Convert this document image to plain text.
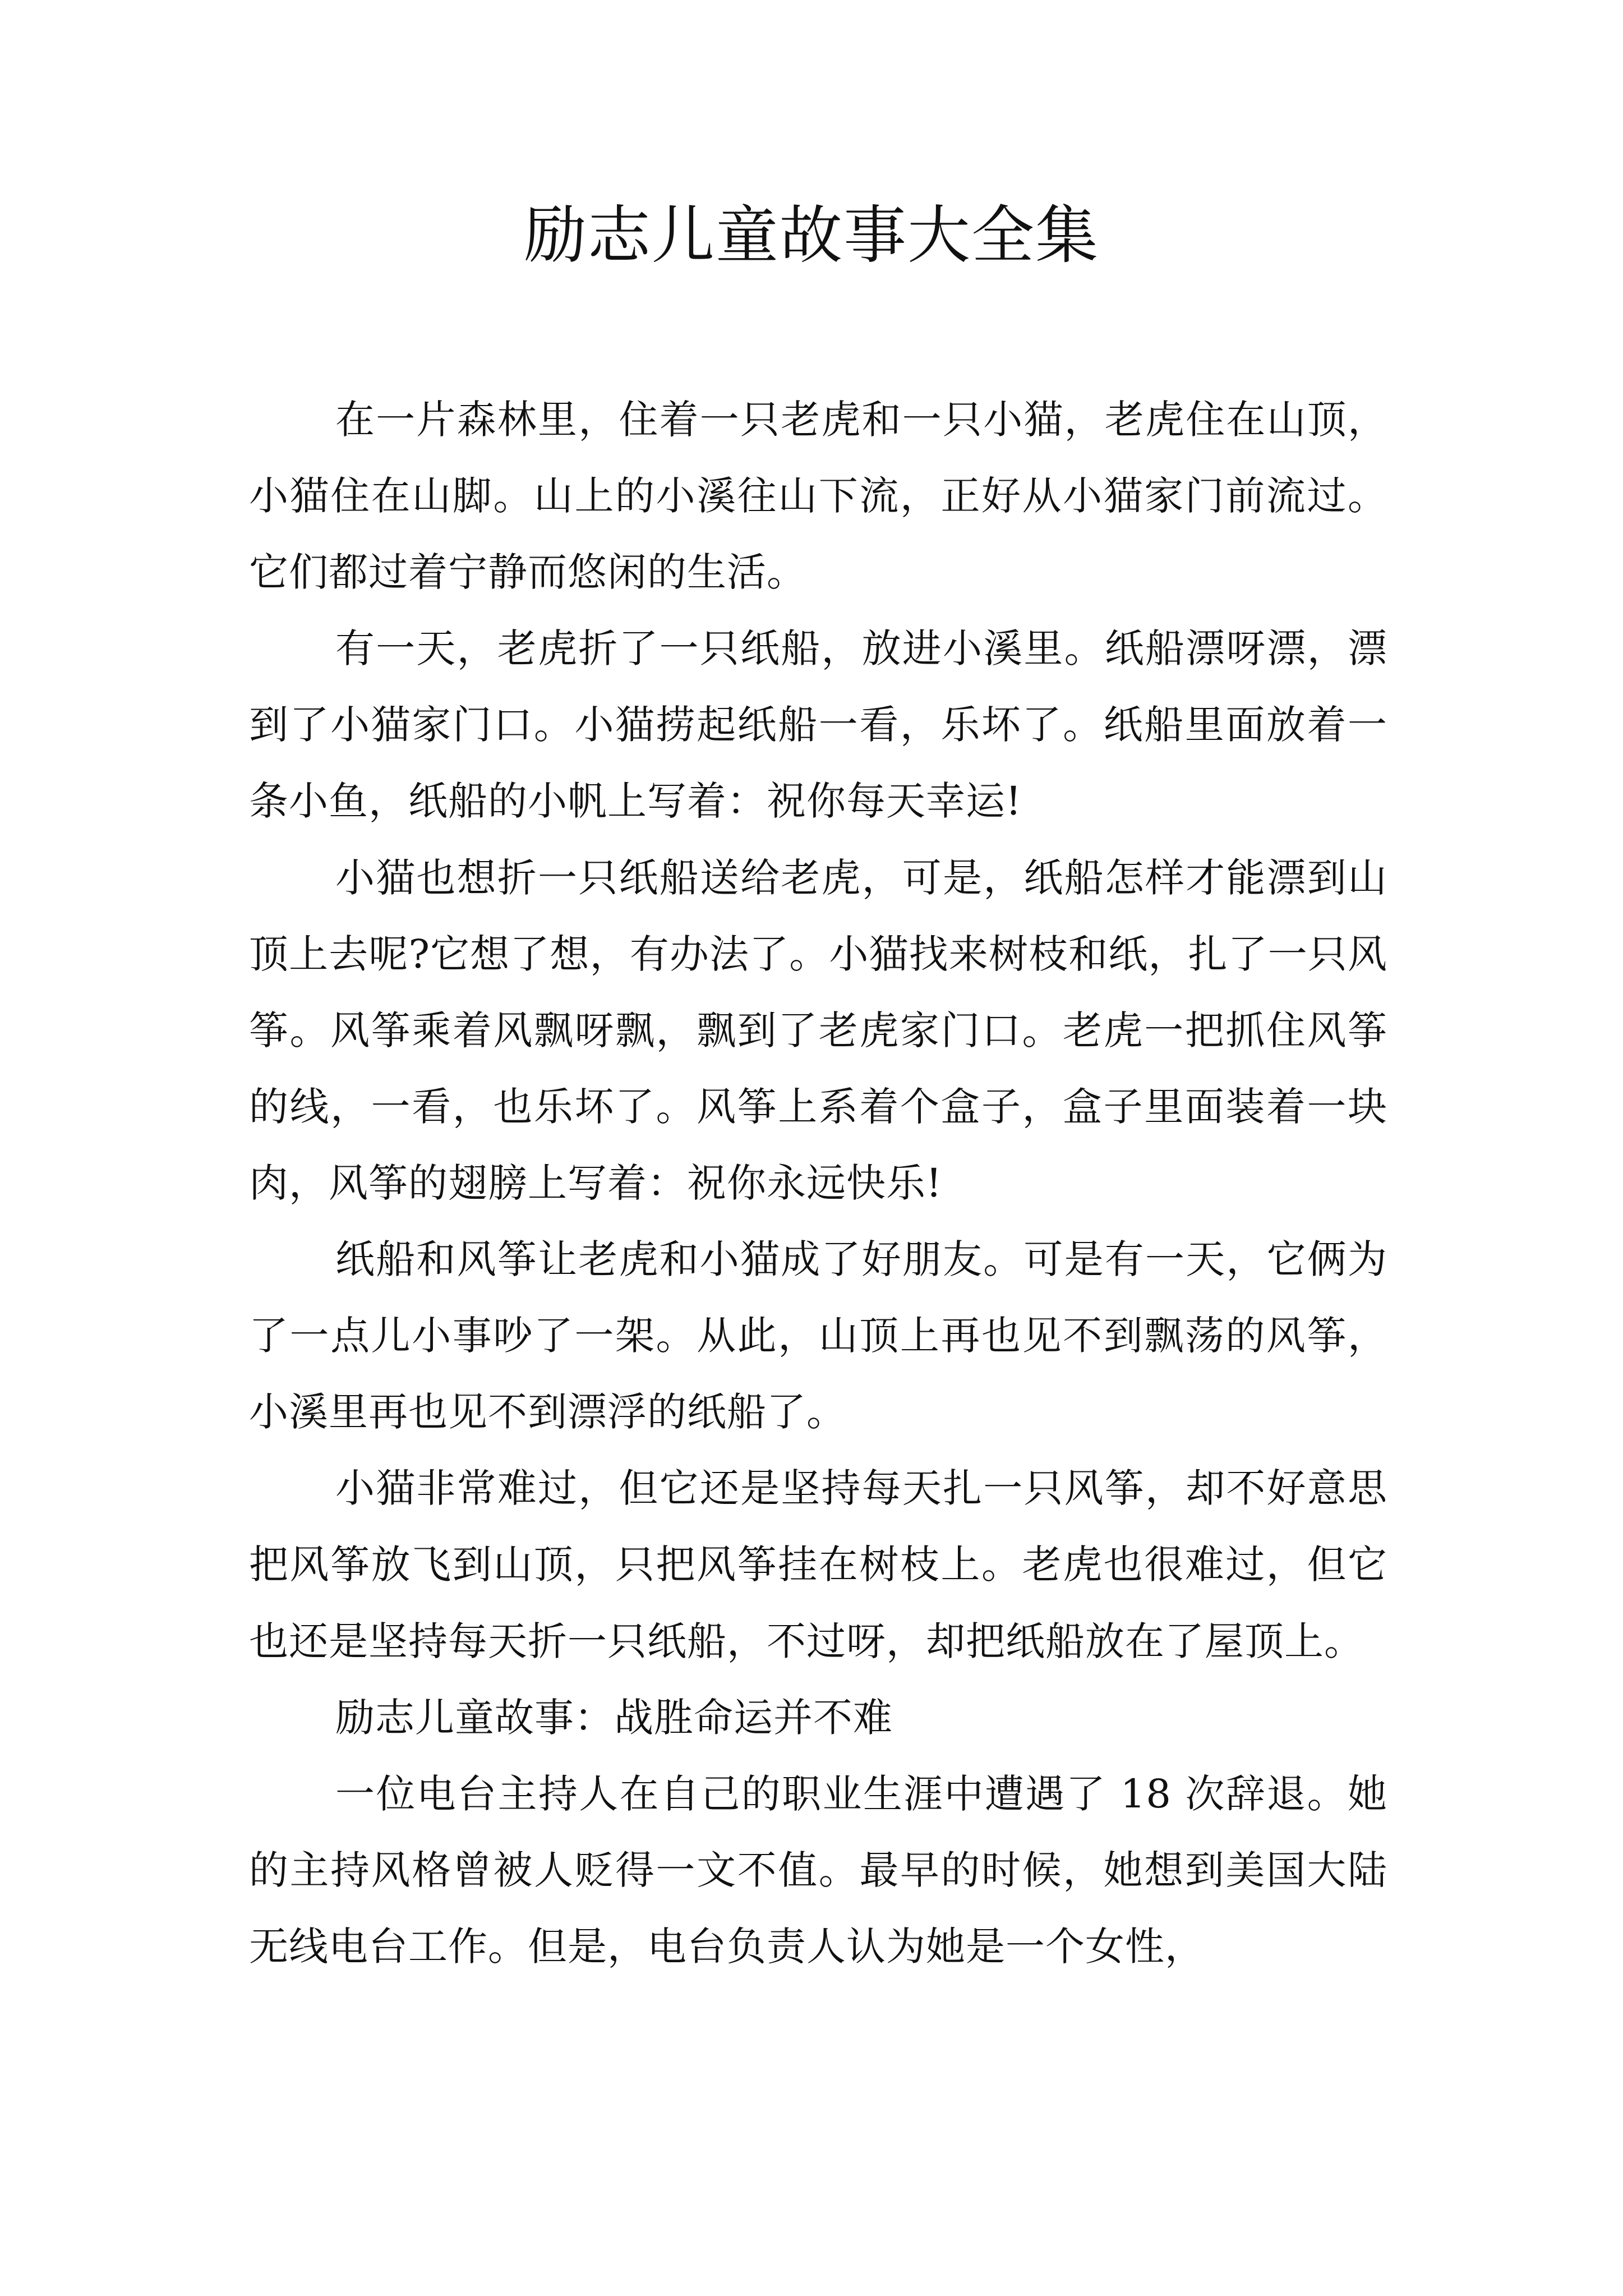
励志儿童故事大全集

在一片森林里，住着一只老虎和一只小猫，老虎住在山顶，小猫住在山脚。山上的小溪往山下流，正好从小猫家门前流过。它们都过着宁静而悠闲的生活。

有一天，老虎折了一只纸船，放进小溪里。纸船漂呀漂，漂到了小猫家门口。小猫捞起纸船一看，乐坏了。纸船里面放着一条小鱼，纸船的小帆上写着：祝你每天幸运!

小猫也想折一只纸船送给老虎，可是，纸船怎样才能漂到山顶上去呢?它想了想，有办法了。小猫找来树枝和纸，扎了一只风筝。风筝乘着风飘呀飘，飘到了老虎家门口。老虎一把抓住风筝的线，一看，也乐坏了。风筝上系着个盒子，盒子里面装着一块肉，风筝的翅膀上写着：祝你永远快乐!

纸船和风筝让老虎和小猫成了好朋友。可是有一天，它俩为了一点儿小事吵了一架。从此，山顶上再也见不到飘荡的风筝，小溪里再也见不到漂浮的纸船了。

小猫非常难过，但它还是坚持每天扎一只风筝，却不好意思把风筝放飞到山顶，只把风筝挂在树枝上。老虎也很难过，但它也还是坚持每天折一只纸船，不过呀，却把纸船放在了屋顶上。

励志儿童故事：战胜命运并不难

一位电台主持人在自己的职业生涯中遭遇了 18 次辞退。她的主持风格曾被人贬得一文不值。最早的时候，她想到美国大陆无线电台工作。但是，电台负责人认为她是一个女性，
